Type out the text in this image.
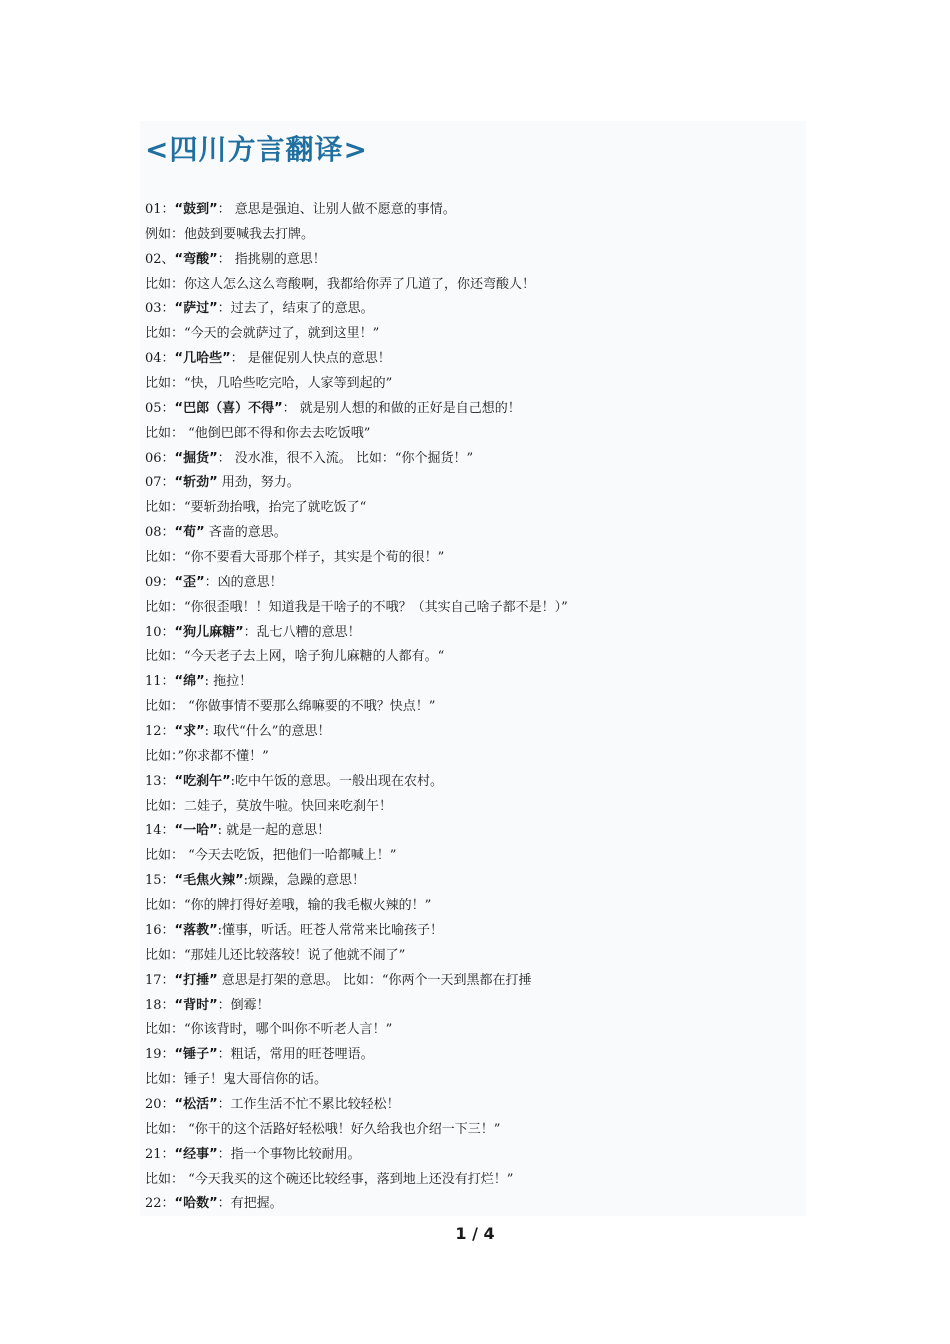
<四川方言翻译>
01：“鼓到”： 意思是强迫、让别人做不愿意的事情。
例如：他鼓到要喊我去打牌。
02、“弯酸”： 指挑剔的意思！
比如：你这人怎么这么弯酸啊，我都给你弄了几道了，你还弯酸人！
03：“萨过”：过去了，结束了的意思。
比如：“今天的会就萨过了，就到这里！”
04：“几哈些”： 是催促别人快点的意思！
比如：“快，几哈些吃完哈，人家等到起的”
05：“巴郎（喜）不得”： 就是别人想的和做的正好是自己想的！
比如： “他倒巴郎不得和你去去吃饭哦”
06：“掘货”： 没水准，很不入流。 比如：“你个掘货！”
07：“斩劲” 用劲，努力。
比如：“要斩劲抬哦，抬完了就吃饭了“
08：“荀” 吝啬的意思。
比如：“你不要看大哥那个样子，其实是个荀的很！”
09：“歪”：凶的意思！
比如：“你很歪哦！！知道我是干啥子的不哦？（其实自己啥子都不是！）”
10：“狗儿麻糖”：乱七八糟的意思！
比如：“今天老子去上网，啥子狗儿麻糖的人都有。“
11：“绵”: 拖拉！
比如： “你做事情不要那么绵嘛要的不哦？快点！”
12：“求”: 取代“什么”的意思！
比如：”你求都不懂！”
13：“吃刹午”:吃中午饭的意思。一般出现在农村。
比如：二娃子，莫放牛啦。快回来吃刹午！
14：“一哈”: 就是一起的意思！
比如： “今天去吃饭，把他们一哈都喊上！”
15：“毛焦火辣”:烦躁，急躁的意思！
比如：“你的牌打得好差哦，输的我毛椒火辣的！”
16：“落教”:懂事，听话。旺苍人常常来比喻孩子！
比如：“那娃儿还比较落较！说了他就不闹了”
17：“打捶” 意思是打架的意思。 比如：“你两个一天到黑都在打捶
18：“背时”：倒霉！
比如：“你该背时，哪个叫你不听老人言！”
19：“锤子”：粗话，常用的旺苍哩语。
比如：锤子！鬼大哥信你的话。
20：“松活”：工作生活不忙不累比较轻松！
比如： “你干的这个活路好轻松哦！好久给我也介绍一下三！”
21：“经事”：指一个事物比较耐用。
比如： “今天我买的这个碗还比较经事，落到地上还没有打烂！”
22：“哈数”：有把握。
1 / 4
